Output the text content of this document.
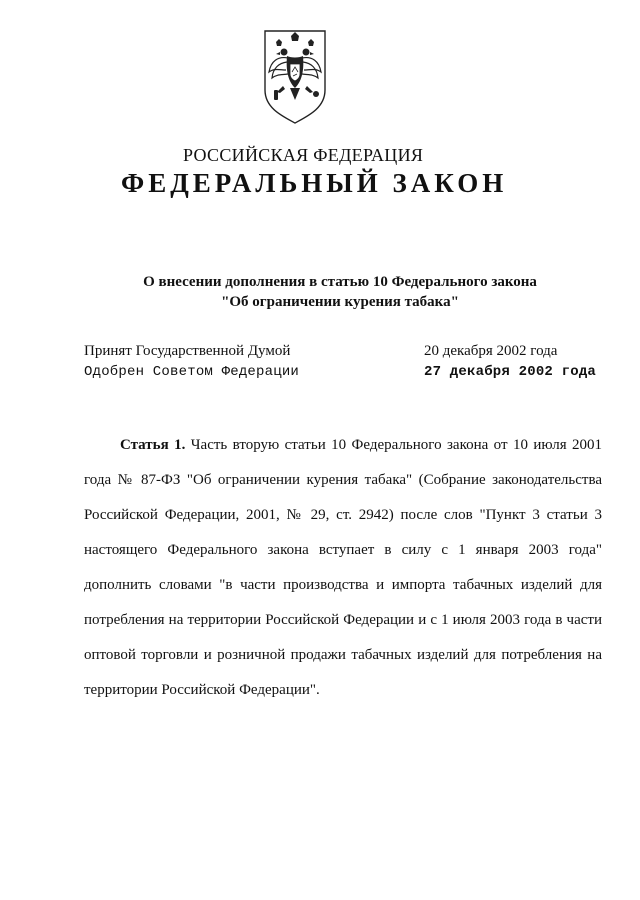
РОССИЙСКАЯ ФЕДЕРАЦИЯ
ФЕДЕРАЛЬНЫЙ ЗАКОН
О внесении дополнения в статью 10 Федерального закона
"Об ограничении курения табака"
Принят Государственной Думой	20 декабря 2002 года
Одобрен Советом Федерации	27 декабря 2002 года
Статья 1. Часть вторую статьи 10 Федерального закона от 10 июля 2001 года № 87-ФЗ "Об ограничении курения табака" (Собрание законодательства Российской Федерации, 2001, № 29, ст. 2942) после слов "Пункт 3 статьи 3 настоящего Федерального закона вступает в силу с 1 января 2003 года" дополнить словами "в части производства и импорта табачных изделий для потребления на территории Российской Федерации и с 1 июля 2003 года в части оптовой торговли и розничной продажи табачных изделий для потребления на территории Российской Федерации".
